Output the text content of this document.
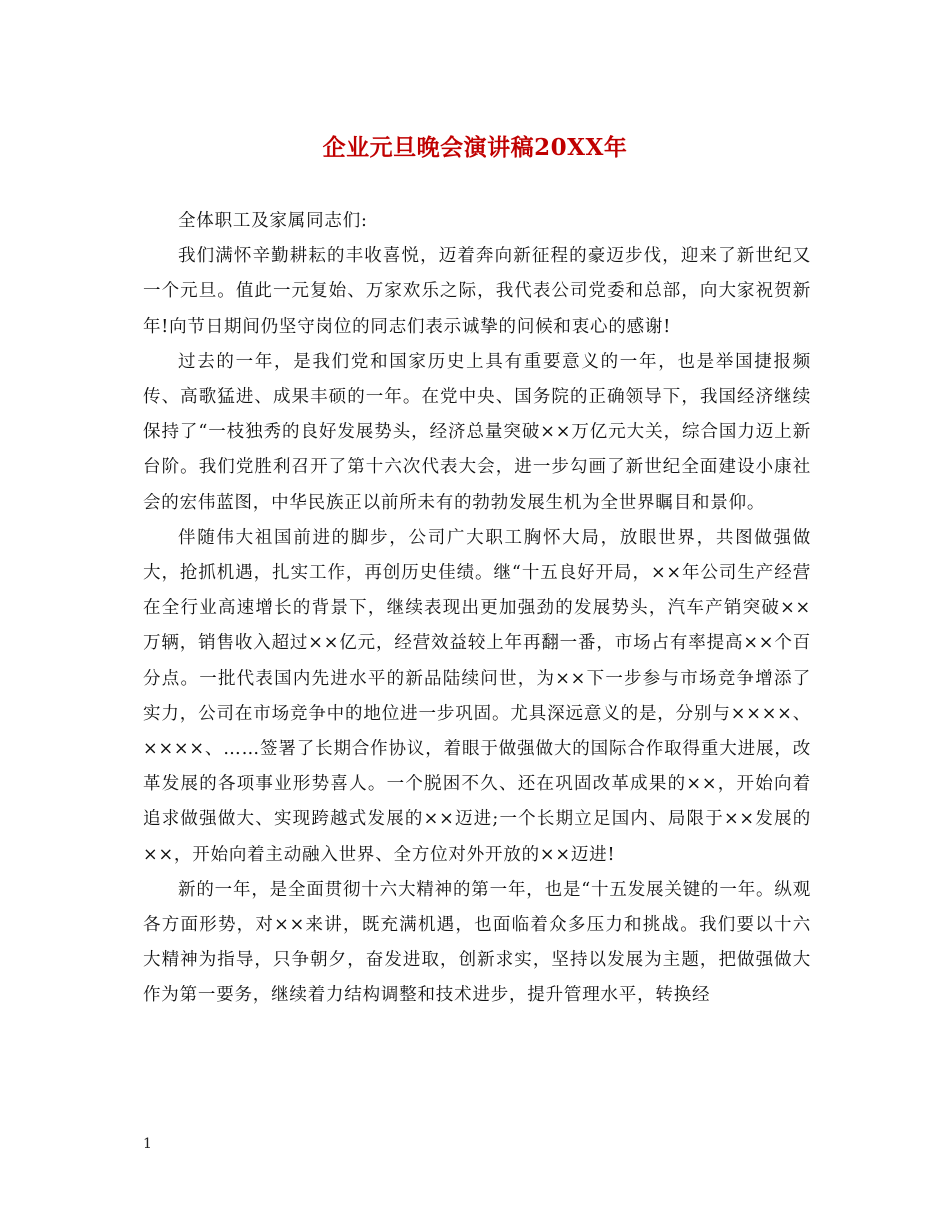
企业元旦晚会演讲稿20XX年

全体职工及家属同志们:

我们满怀辛勤耕耘的丰收喜悦，迈着奔向新征程的豪迈步伐，迎来了新世纪又一个元旦。值此一元复始、万家欢乐之际，我代表公司党委和总部，向大家祝贺新年!向节日期间仍坚守岗位的同志们表示诚挚的问候和衷心的感谢!

过去的一年，是我们党和国家历史上具有重要意义的一年，也是举国捷报频传、高歌猛进、成果丰硕的一年。在党中央、国务院的正确领导下，我国经济继续保持了“一枝独秀的良好发展势头，经济总量突破××万亿元大关，综合国力迈上新台阶。我们党胜利召开了第十六次代表大会，进一步勾画了新世纪全面建设小康社会的宏伟蓝图，中华民族正以前所未有的勃勃发展生机为全世界瞩目和景仰。

伴随伟大祖国前进的脚步，公司广大职工胸怀大局，放眼世界，共图做强做大，抢抓机遇，扎实工作，再创历史佳绩。继“十五良好开局，××年公司生产经营在全行业高速增长的背景下，继续表现出更加强劲的发展势头，汽车产销突破××万辆，销售收入超过××亿元，经营效益较上年再翻一番，市场占有率提高××个百分点。一批代表国内先进水平的新品陆续问世，为××下一步参与市场竞争增添了实力，公司在市场竞争中的地位进一步巩固。尤具深远意义的是，分别与××××、××××、……签署了长期合作协议，着眼于做强做大的国际合作取得重大进展，改革发展的各项事业形势喜人。一个脱困不久、还在巩固改革成果的××，开始向着追求做强做大、实现跨越式发展的××迈进;一个长期立足国内、局限于××发展的××，开始向着主动融入世界、全方位对外开放的××迈进!

新的一年，是全面贯彻十六大精神的第一年，也是“十五发展关键的一年。纵观各方面形势，对××来讲，既充满机遇，也面临着众多压力和挑战。我们要以十六大精神为指导，只争朝夕，奋发进取，创新求实，坚持以发展为主题，把做强做大作为第一要务，继续着力结构调整和技术进步，提升管理水平，转换经

1
